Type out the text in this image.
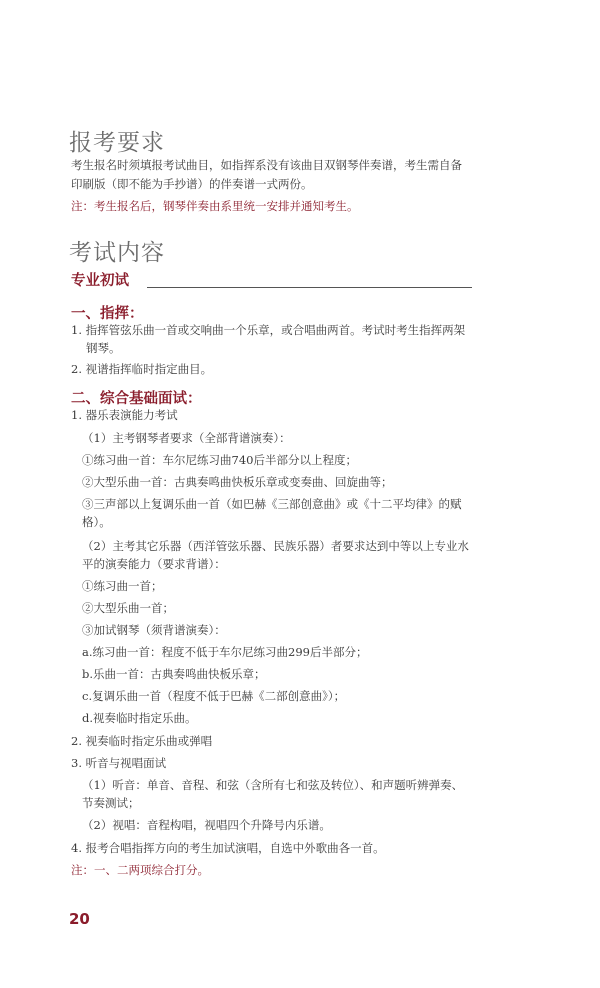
报考要求
考生报名时须填报考试曲目，如指挥系没有该曲目双钢琴伴奏谱，考生需自备
印刷版（即不能为手抄谱）的伴奏谱一式两份。
注：考生报名后，钢琴伴奏由系里统一安排并通知考生。
考试内容
专业初试
一、指挥：
1. 指挥管弦乐曲一首或交响曲一个乐章，或合唱曲两首。考试时考生指挥两架
钢琴。
2. 视谱指挥临时指定曲目。
二、综合基础面试：
1. 器乐表演能力考试
（1）主考钢琴者要求（全部背谱演奏）：
①练习曲一首：车尔尼练习曲740后半部分以上程度；
②大型乐曲一首：古典奏鸣曲快板乐章或变奏曲、回旋曲等；
③三声部以上复调乐曲一首（如巴赫《三部创意曲》或《十二平均律》的赋
格）。
（2）主考其它乐器（西洋管弦乐器、民族乐器）者要求达到中等以上专业水
平的演奏能力（要求背谱）：
①练习曲一首；
②大型乐曲一首；
③加试钢琴（须背谱演奏）：
a.练习曲一首：程度不低于车尔尼练习曲299后半部分；
b.乐曲一首：古典奏鸣曲快板乐章；
c.复调乐曲一首（程度不低于巴赫《二部创意曲》）；
d.视奏临时指定乐曲。
2. 视奏临时指定乐曲或弹唱
3. 听音与视唱面试
（1）听音：单音、音程、和弦（含所有七和弦及转位）、和声题听辨弹奏、
节奏测试；
（2）视唱：音程构唱，视唱四个升降号内乐谱。
4. 报考合唱指挥方向的考生加试演唱，自选中外歌曲各一首。
注：一、二两项综合打分。
20
